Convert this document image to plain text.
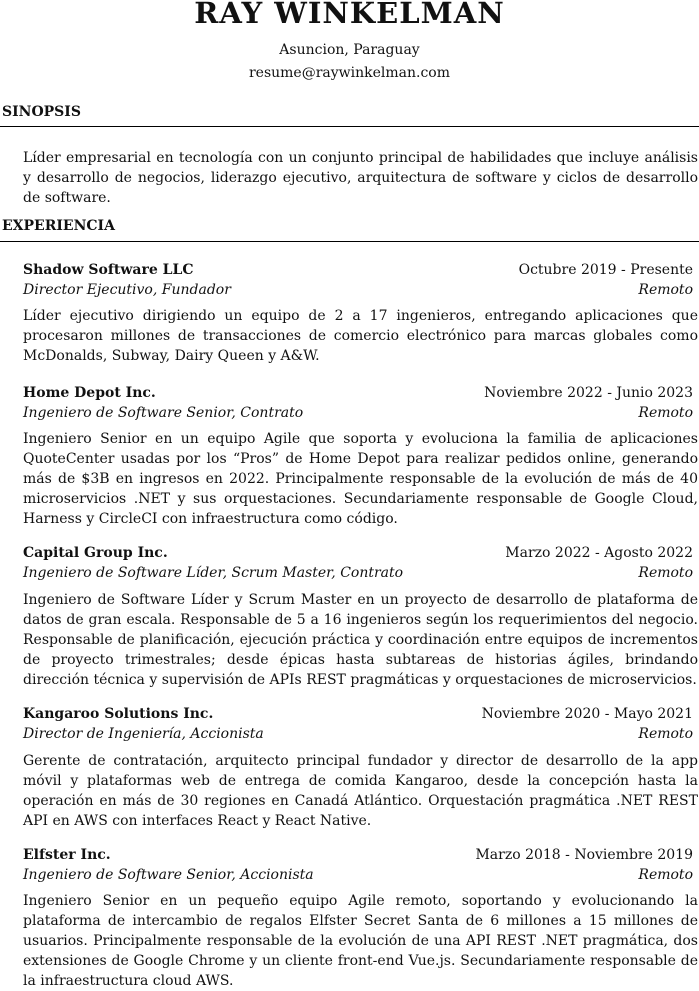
RAY WINKELMAN
Asuncion, Paraguay
resume@raywinkelman.com
SINOPSIS

Líder empresarial en tecnología con un conjunto principal de habilidades que incluye análisis y desarrollo de negocios, liderazgo ejecutivo, arquitectura de software y ciclos de desarrollo de software.

EXPERIENCIA
Shadow Software LLC	Octubre 2019 - Presente
Director Ejecutivo, Fundador	Remoto

Líder ejecutivo dirigiendo un equipo de 2 a 17 ingenieros, entregando aplicaciones que procesaron millones de transacciones de comercio electrónico para marcas globales como McDonalds, Subway, Dairy Queen y A&W.

Home Depot Inc.	Noviembre 2022 - Junio 2023
Ingeniero de Software Senior, Contrato	Remoto

Ingeniero Senior en un equipo Agile que soporta y evoluciona la familia de aplicaciones QuoteCenter usadas por los “Pros” de Home Depot para realizar pedidos online, generando más de $3B en ingresos en 2022. Principalmente responsable de la evolución de más de 40 microservicios .NET y sus orquestaciones. Secundariamente responsable de Google Cloud, Harness y CircleCI con infraestructura como código.

Capital Group Inc.	Marzo 2022 - Agosto 2022
Ingeniero de Software Líder, Scrum Master, Contrato	Remoto

Ingeniero de Software Líder y Scrum Master en un proyecto de desarrollo de plataforma de datos de gran escala. Responsable de 5 a 16 ingenieros según los requerimientos del negocio. Responsable de planificación, ejecución práctica y coordinación entre equipos de incrementos de proyecto trimestrales; desde épicas hasta subtareas de historias ágiles, brindando dirección técnica y supervisión de APIs REST pragmáticas y orquestaciones de microservicios.

Kangaroo Solutions Inc.	Noviembre 2020 - Mayo 2021
Director de Ingeniería, Accionista	Remoto

Gerente de contratación, arquitecto principal fundador y director de desarrollo de la app móvil y plataformas web de entrega de comida Kangaroo, desde la concepción hasta la operación en más de 30 regiones en Canadá Atlántico. Orquestación pragmática .NET REST API en AWS con interfaces React y React Native.

Elfster Inc.	Marzo 2018 - Noviembre 2019
Ingeniero de Software Senior, Accionista	Remoto

Ingeniero Senior en un pequeño equipo Agile remoto, soportando y evolucionando la plataforma de intercambio de regalos Elfster Secret Santa de 6 millones a 15 millones de usuarios. Principalmente responsable de la evolución de una API REST .NET pragmática, dos extensiones de Google Chrome y un cliente front-end Vue.js. Secundariamente responsable de la infraestructura cloud AWS.
